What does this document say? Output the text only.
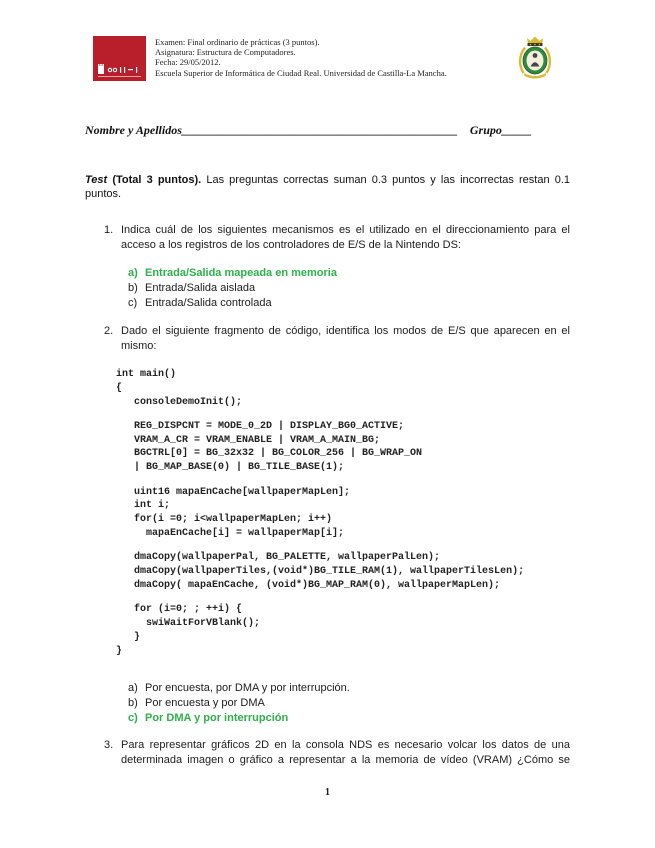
Examen: Final ordinario de prácticas (3 puntos).
Asignatura: Estructura de Computadores.
Fecha: 29/05/2012.
Escuela Superior de Informática de Ciudad Real. Universidad de Castilla-La Mancha.
Nombre y Apellidos______________________________________________ Grupo_____

Test (Total 3 puntos). Las preguntas correctas suman 0.3 puntos y las incorrectas restan 0.1 puntos.

1. Indica cuál de los siguientes mecanismos es el utilizado en el direccionamiento para el acceso a los registros de los controladores de E/S de la Nintendo DS:

a) Entrada/Salida mapeada en memoria
b) Entrada/Salida aislada
c) Entrada/Salida controlada
2. Dado el siguiente fragmento de código, identifica los modos de E/S que aparecen en el mismo:

int main()
{
consoleDemoInit();
REG_DISPCNT = MODE_0_2D | DISPLAY_BG0_ACTIVE;
VRAM_A_CR = VRAM_ENABLE | VRAM_A_MAIN_BG;
BGCTRL[0] = BG_32x32 | BG_COLOR_256 | BG_WRAP_ON
| BG_MAP_BASE(0) | BG_TILE_BASE(1);
uint16 mapaEnCache[wallpaperMapLen];
int i;
for(i =0; i<wallpaperMapLen; i++)
mapaEnCache[i] = wallpaperMap[i];
dmaCopy(wallpaperPal, BG_PALETTE, wallpaperPalLen);
dmaCopy(wallpaperTiles,(void*)BG_TILE_RAM(1), wallpaperTilesLen);
dmaCopy( mapaEnCache, (void*)BG_MAP_RAM(0), wallpaperMapLen);
for (i=0; ; ++i) {
swiWaitForVBlank();
}
}
a) Por encuesta, por DMA y por interrupción.
b) Por encuesta y por DMA
c) Por DMA y por interrupción
3. Para representar gráficos 2D en la consola NDS es necesario volcar los datos de una determinada imagen o gráfico a representar a la memoria de vídeo (VRAM) ¿Cómo se

1
